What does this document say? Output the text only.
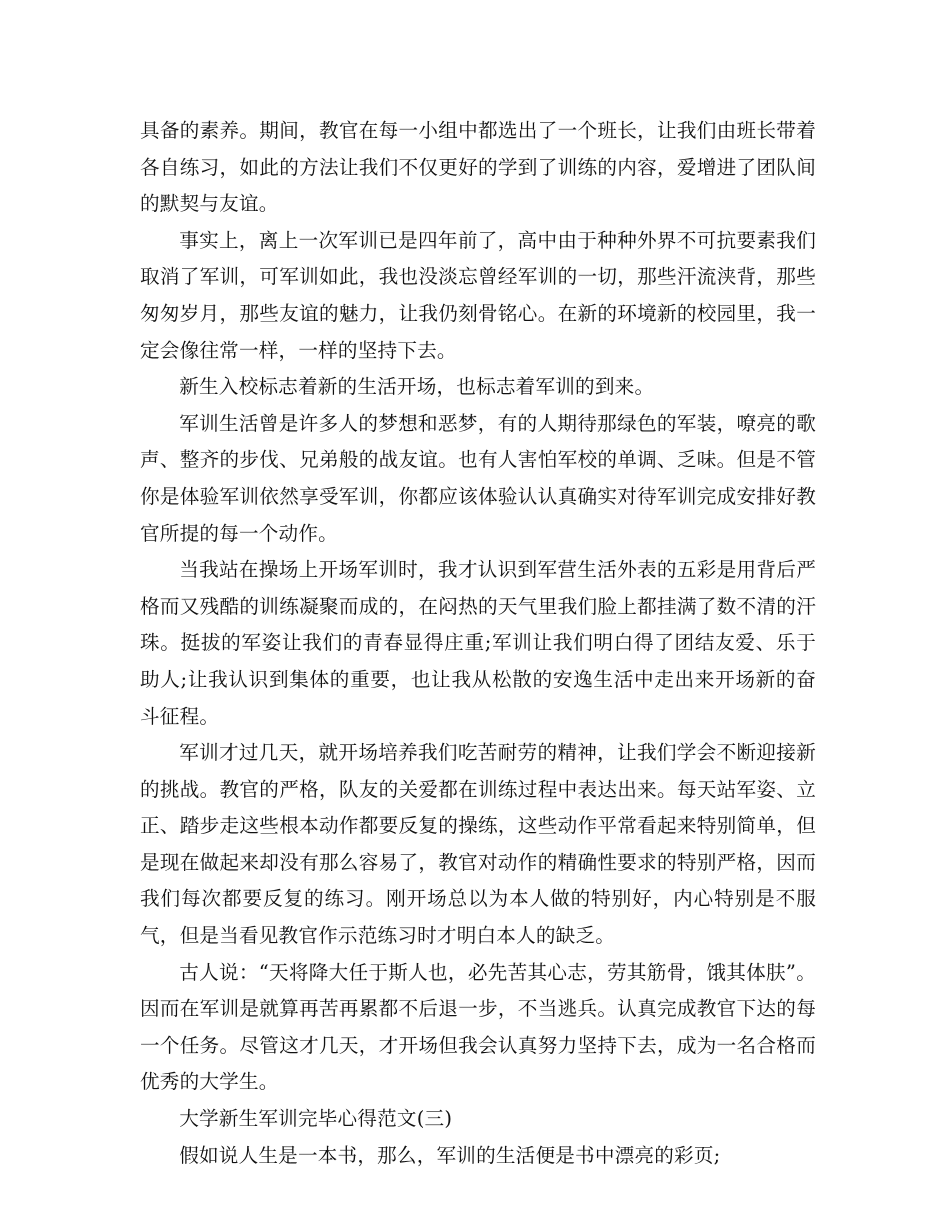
具备的素养。期间，教官在每一小组中都选出了一个班长，让我们由班长带着各自练习，如此的方法让我们不仅更好的学到了训练的内容，爱增进了团队间的默契与友谊。

事实上，离上一次军训已是四年前了，高中由于种种外界不可抗要素我们取消了军训，可军训如此，我也没淡忘曾经军训的一切，那些汗流浃背，那些匆匆岁月，那些友谊的魅力，让我仍刻骨铭心。在新的环境新的校园里，我一定会像往常一样，一样的坚持下去。

新生入校标志着新的生活开场，也标志着军训的到来。

军训生活曾是许多人的梦想和恶梦，有的人期待那绿色的军装，嘹亮的歌声、整齐的步伐、兄弟般的战友谊。也有人害怕军校的单调、乏味。但是不管你是体验军训依然享受军训，你都应该体验认认真确实对待军训完成安排好教官所提的每一个动作。

当我站在操场上开场军训时，我才认识到军营生活外表的五彩是用背后严格而又残酷的训练凝聚而成的，在闷热的天气里我们脸上都挂满了数不清的汗珠。挺拔的军姿让我们的青春显得庄重;军训让我们明白得了团结友爱、乐于助人;让我认识到集体的重要，也让我从松散的安逸生活中走出来开场新的奋斗征程。

军训才过几天，就开场培养我们吃苦耐劳的精神，让我们学会不断迎接新的挑战。教官的严格，队友的关爱都在训练过程中表达出来。每天站军姿、立正、踏步走这些根本动作都要反复的操练，这些动作平常看起来特别简单，但是现在做起来却没有那么容易了，教官对动作的精确性要求的特别严格，因而我们每次都要反复的练习。刚开场总以为本人做的特别好，内心特别是不服气，但是当看见教官作示范练习时才明白本人的缺乏。

古人说：“天将降大任于斯人也，必先苦其心志，劳其筋骨，饿其体肤”。因而在军训是就算再苦再累都不后退一步，不当逃兵。认真完成教官下达的每一个任务。尽管这才几天，才开场但我会认真努力坚持下去，成为一名合格而优秀的大学生。

大学新生军训完毕心得范文(三)

假如说人生是一本书，那么，军训的生活便是书中漂亮的彩页;
